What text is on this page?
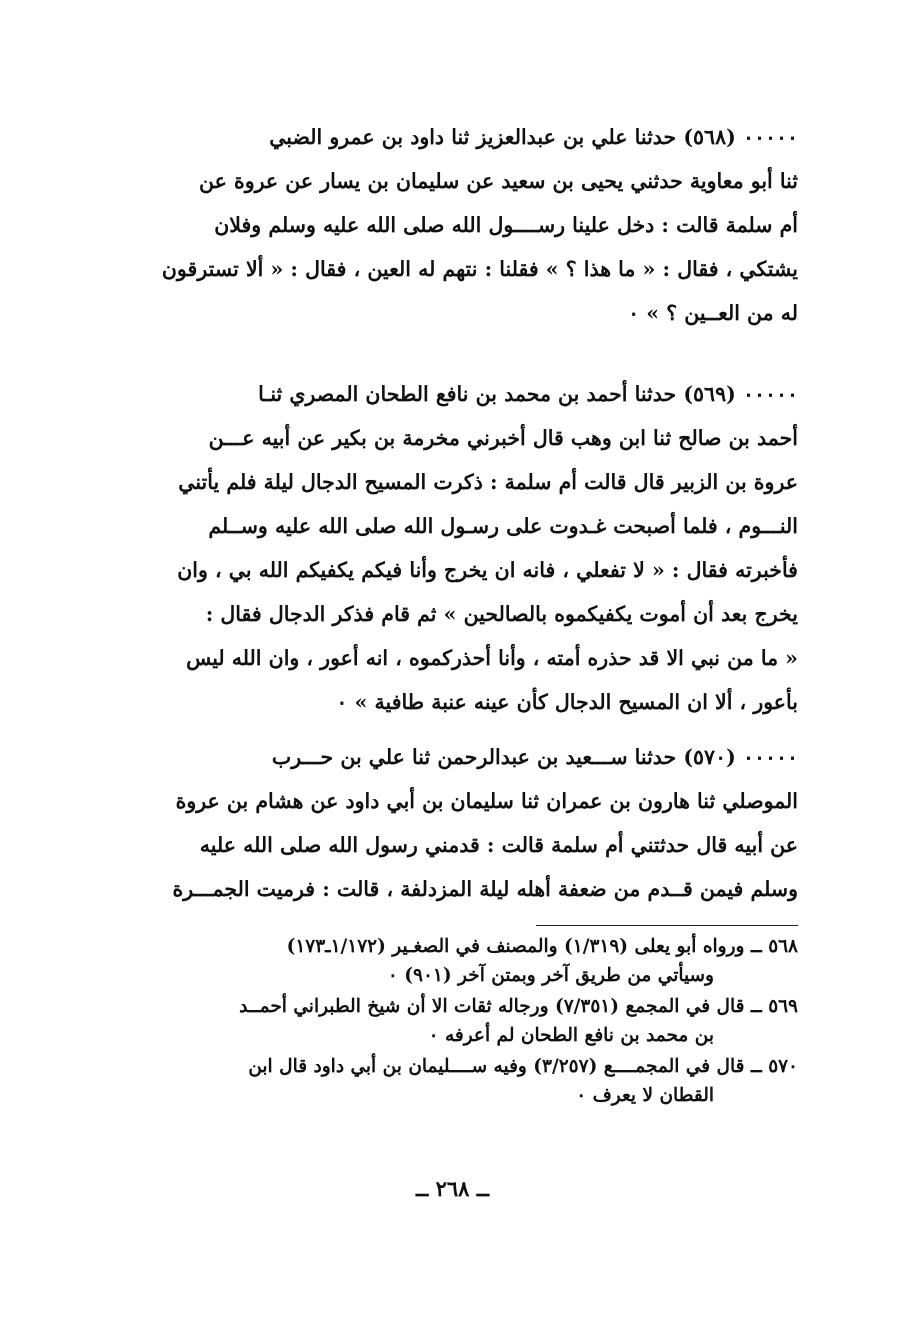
٠٠٠٠٠ (٥٦٨) حدثنا علي بن عبدالعزيز ثنا داود بن عمرو الضبي
ثنا أبو معاوية حدثني يحيى بن سعيد عن سليمان بن يسار عن عروة عن
أم سلمة قالت : دخل علينا رســــول الله صلى الله عليه وسلم وفلان
يشتكي ، فقال : « ما هذا ؟ » فقلنا : نتهم له العين ، فقال : « ألا تسترقون
له من العــين ؟ » ٠

٠٠٠٠٠ (٥٦٩) حدثنا أحمد بن محمد بن نافع الطحان المصري ثنـا
أحمد بن صالح ثنا ابن وهب قال أخبرني مخرمة بن بكير عن أبيه عـــن
عروة بن الزبير قال قالت أم سلمة : ذكرت المسيح الدجال ليلة فلم يأتني
النـــوم ، فلما أصبحت غـدوت على رسـول الله صلى الله عليه وســلم
فأخبرته فقال : « لا تفعلي ، فانه ان يخرج وأنا فيكم يكفيكم الله بي ، وان
يخرج بعد أن أموت يكفيكموه بالصالحين » ثم قام فذكر الدجال فقال :
« ما من نبي الا قد حذره أمته ، وأنا أحذركموه ، انه أعور ، وان الله ليس
بأعور ، ألا ان المسيح الدجال كأن عينه عنبة طافية » ٠

٠٠٠٠٠ (٥٧٠) حدثنا ســـعيد بن عبدالرحمن ثنا علي بن حـــرب
الموصلي ثنا هارون بن عمران ثنا سليمان بن أبي داود عن هشام بن عروة
عن أبيه قال حدثتني أم سلمة قالت : قدمني رسول الله صلى الله عليه
وسلم فيمن قــدم من ضعفة أهله ليلة المزدلفة ، قالت : فرميت الجمـــرة

٥٦٨ ــ ورواه أبو يعلى (١/٣١٩) والمصنف في الصغـير (١/١٧٢ـ١٧٣)
وسيأتي من طريق آخر وبمتن آخر (٩٠١) ٠
٥٦٩ ــ قال في المجمع (٧/٣٥١) ورجاله ثقات الا أن شيخ الطبراني أحمــد
بن محمد بن نافع الطحان لم أعرفه ٠
٥٧٠ ــ قال في المجمــــع (٣/٢٥٧) وفيه ســــليمان بن أبي داود قال ابن
القطان لا يعرف ٠
ــ ٢٦٨ ــ
